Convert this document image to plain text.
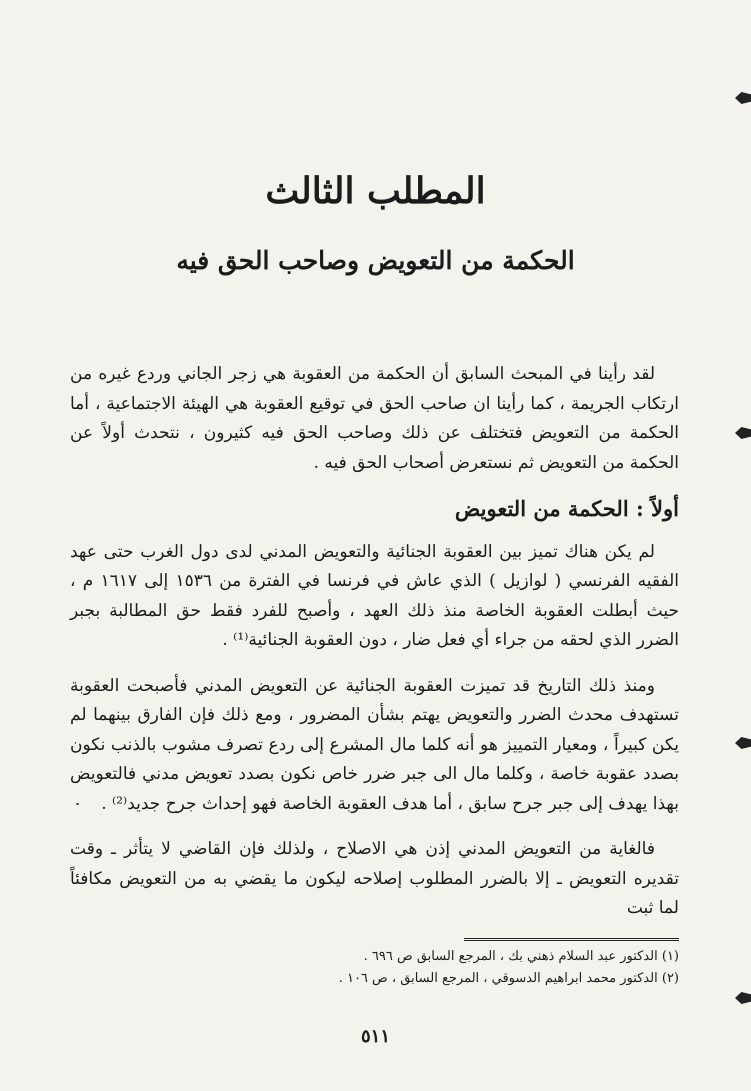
المطلب الثالث
الحكمة من التعويض وصاحب الحق فيه

لقد رأينا في المبحث السابق أن الحكمة من العقوبة هي زجر الجاني وردع غيره من ارتكاب الجريمة ، كما رأينا ان صاحب الحق في توقيع العقوبة هي الهيئة الاجتماعية ، أما الحكمة من التعويض فتختلف عن ذلك وصاحب الحق فيه كثيرون ، نتحدث أولاً عن الحكمة من التعويض ثم نستعرض أصحاب الحق فيه .

أولاً : الحكمة من التعويض

لم يكن هناك تميز بين العقوبة الجنائية والتعويض المدني لدى دول الغرب حتى عهد الفقيه الفرنسي ( لوازيل ) الذي عاش في فرنسا في الفترة من ١٥٣٦ إلى ١٦١٧ م ، حيث أبطلت العقوبة الخاصة منذ ذلك العهد ، وأصبح للفرد فقط حق المطالبة بجبر الضرر الذي لحقه من جراء أي فعل ضار ، دون العقوبة الجنائية⁽¹⁾ .

ومنذ ذلك التاريخ قد تميزت العقوبة الجنائية عن التعويض المدني فأصبحت العقوبة تستهدف محدث الضرر والتعويض يهتم بشأن المضرور ، ومع ذلك فإن الفارق بينهما لم يكن كبيراً ، ومعيار التمييز هو أنه كلما مال المشرع إلى ردع تصرف مشوب بالذنب نكون بصدد عقوبة خاصة ، وكلما مال الى جبر ضرر خاص نكون بصدد تعويض مدني فالتعويض بهذا يهدف إلى جبر جرح سابق ، أما هدف العقوبة الخاصة فهو إحداث جرح جديد⁽²⁾ .

فالغاية من التعويض المدني إذن هي الاصلاح ، ولذلك فإن القاضي لا يتأثر ـ وقت تقديره التعويض ـ إلا بالضرر المطلوب إصلاحه ليكون ما يقضي به من التعويض مكافئاً لما ثبت

(١) الدكتور عبد السلام ذهني بك ، المرجع السابق ص ٦٩٦ .

(٢) الدكتور محمد ابراهيم الدسوقي ، المرجع السابق ، ص ١٠٦ .

٥١١
